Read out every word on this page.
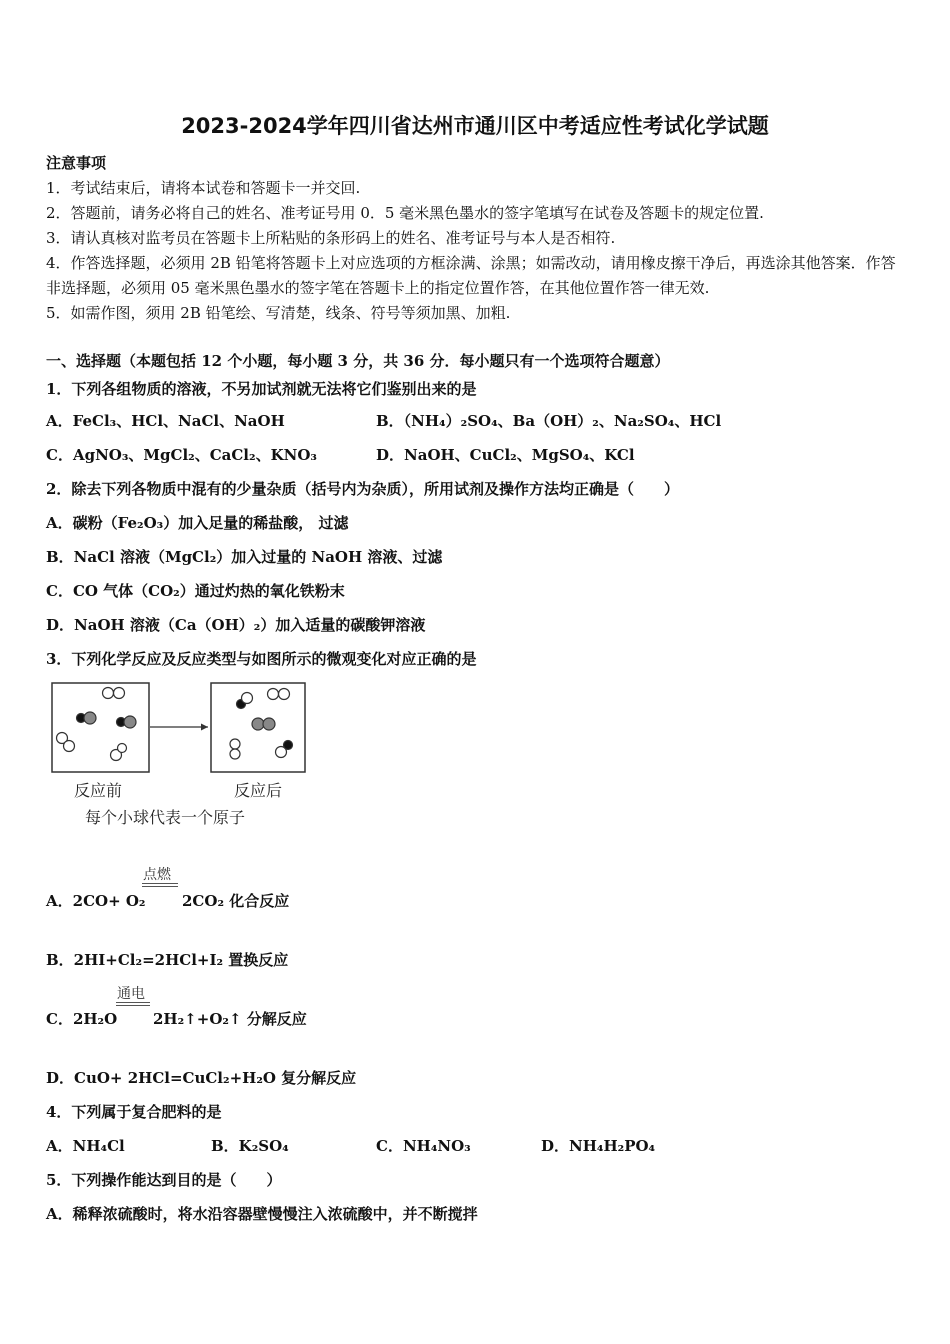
2023-2024学年四川省达州市通川区中考适应性考试化学试题
注意事项
1．考试结束后，请将本试卷和答题卡一并交回.
2．答题前，请务必将自己的姓名、准考证号用 0．5 毫米黑色墨水的签字笔填写在试卷及答题卡的规定位置.
3．请认真核对监考员在答题卡上所粘贴的条形码上的姓名、准考证号与本人是否相符.
4．作答选择题，必须用 2B 铅笔将答题卡上对应选项的方框涂满、涂黑；如需改动，请用橡皮擦干净后，再选涂其他答案．作答非选择题，必须用 05 毫米黑色墨水的签字笔在答题卡上的指定位置作答，在其他位置作答一律无效.
5．如需作图，须用 2B 铅笔绘、写清楚，线条、符号等须加黑、加粗.
一、选择题（本题包括 12 个小题，每小题 3 分，共 36 分．每小题只有一个选项符合题意）
1．下列各组物质的溶液，不另加试剂就无法将它们鉴别出来的是
A．FeCl₃、HCl、NaCl、NaOH	B．（NH₄）₂SO₄、Ba（OH）₂、Na₂SO₄、HCl
C．AgNO₃、MgCl₂、CaCl₂、KNO₃	D．NaOH、CuCl₂、MgSO₄、KCl
2．除去下列各物质中混有的少量杂质（括号内为杂质），所用试剂及操作方法均正确是（　　）
A．碳粉（Fe₂O₃）加入足量的稀盐酸， 过滤
B．NaCl 溶液（MgCl₂）加入过量的 NaOH 溶液、过滤
C．CO 气体（CO₂）通过灼热的氧化铁粉末
D．NaOH 溶液（Ca（OH）₂）加入适量的碳酸钾溶液
3．下列化学反应及反应类型与如图所示的微观变化对应正确的是
反应前	反应后
每个小球代表一个原子
A．2CO+ O₂
点燃
2CO₂ 化合反应
B．2HI+Cl₂=2HCl+I₂ 置换反应
C．2H₂O
通电
2H₂↑+O₂↑ 分解反应
D．CuO+ 2HCl=CuCl₂+H₂O 复分解反应
4．下列属于复合肥料的是
A．NH₄Cl	B．K₂SO₄	C．NH₄NO₃	D．NH₄H₂PO₄
5．下列操作能达到目的是（　　）
A．稀释浓硫酸时，将水沿容器壁慢慢注入浓硫酸中，并不断搅拌
